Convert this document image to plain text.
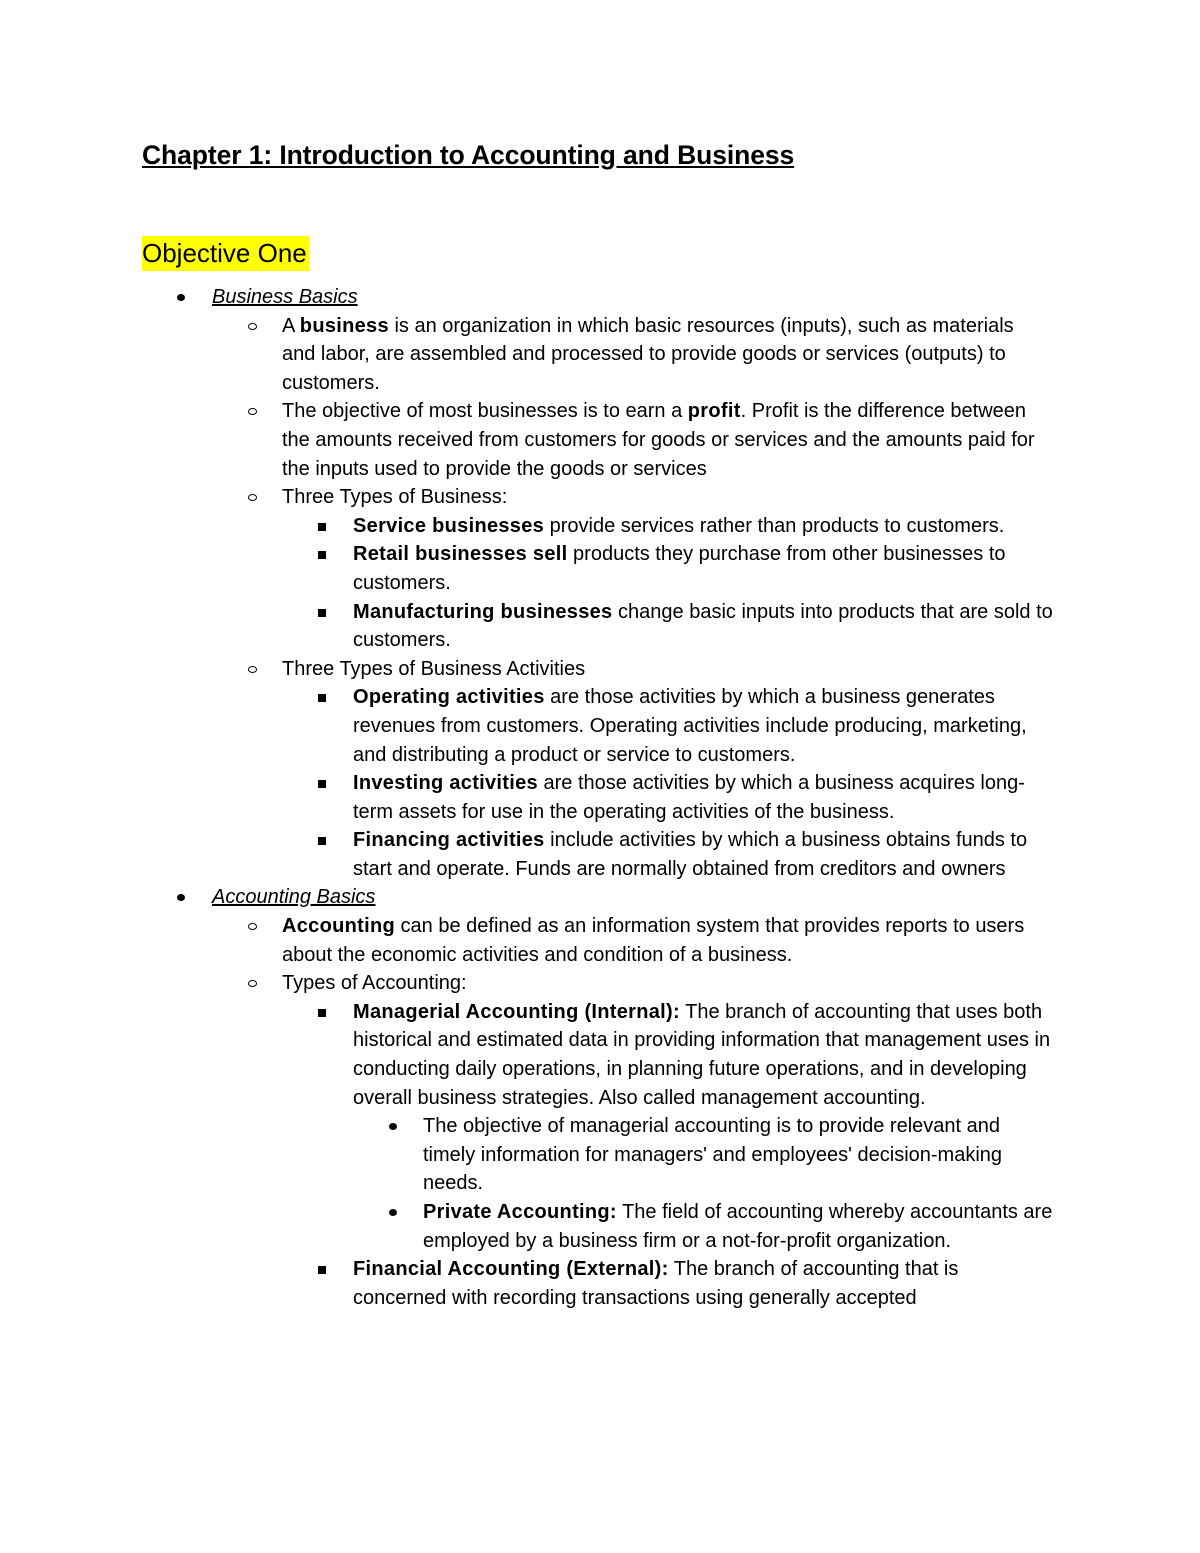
Chapter 1: Introduction to Accounting and Business
Objective One
Business Basics
A business is an organization in which basic resources (inputs), such as materials and labor, are assembled and processed to provide goods or services (outputs) to customers.
The objective of most businesses is to earn a profit. Profit is the difference between the amounts received from customers for goods or services and the amounts paid for the inputs used to provide the goods or services
Three Types of Business:
Service businesses provide services rather than products to customers.
Retail businesses sell products they purchase from other businesses to customers.
Manufacturing businesses change basic inputs into products that are sold to customers.
Three Types of Business Activities
Operating activities are those activities by which a business generates revenues from customers. Operating activities include producing, marketing, and distributing a product or service to customers.
Investing activities are those activities by which a business acquires long-term assets for use in the operating activities of the business.
Financing activities include activities by which a business obtains funds to start and operate. Funds are normally obtained from creditors and owners
Accounting Basics
Accounting can be defined as an information system that provides reports to users about the economic activities and condition of a business.
Types of Accounting:
Managerial Accounting (Internal): The branch of accounting that uses both historical and estimated data in providing information that management uses in conducting daily operations, in planning future operations, and in developing overall business strategies. Also called management accounting.
The objective of managerial accounting is to provide relevant and timely information for managers' and employees' decision-making needs.
Private Accounting: The field of accounting whereby accountants are employed by a business firm or a not-for-profit organization.
Financial Accounting (External): The branch of accounting that is concerned with recording transactions using generally accepted
